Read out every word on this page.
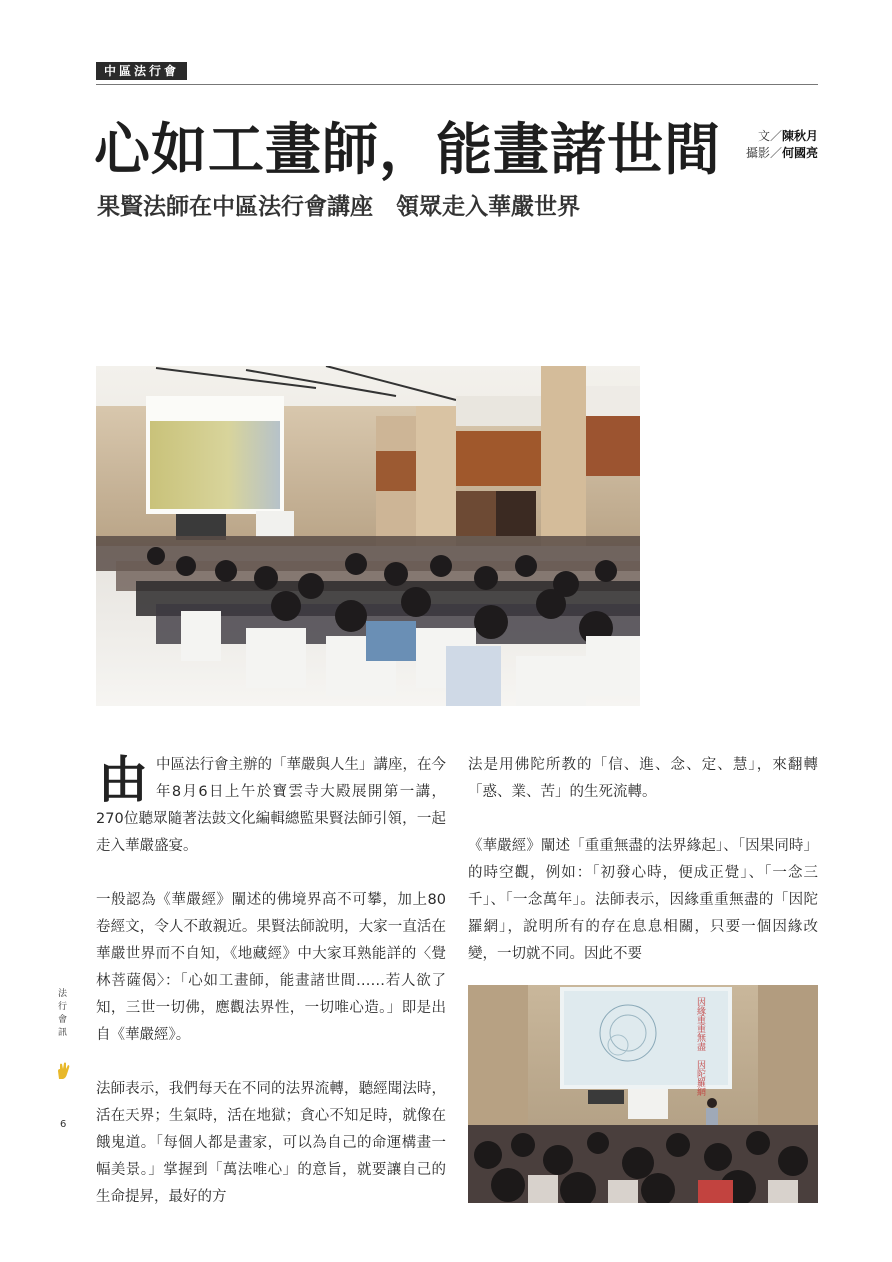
中區法行會
心如工畫師，能畫諸世間
果賢法師在中區法行會講座　領眾走入華嚴世界
文／陳秋月
攝影／何國亮

由中區法行會主辦的「華嚴與人生」講座，在今年8月6日上午於寶雲寺大殿展開第一講，270位聽眾隨著法鼓文化編輯總監果賢法師引領，一起走入華嚴盛宴。

一般認為《華嚴經》闡述的佛境界高不可攀，加上80卷經文，令人不敢親近。果賢法師說明，大家一直活在華嚴世界而不自知，《地藏經》中大家耳熟能詳的〈覺林菩薩偈〉：「心如工畫師，能畫諸世間……若人欲了知，三世一切佛，應觀法界性，一切唯心造。」即是出自《華嚴經》。

法師表示，我們每天在不同的法界流轉，聽經聞法時，活在天界；生氣時，活在地獄；貪心不知足時，就像在餓鬼道。「每個人都是畫家，可以為自己的命運構畫一幅美景。」掌握到「萬法唯心」的意旨，就要讓自己的生命提昇，最好的方

法是用佛陀所教的「信、進、念、定、慧」，來翻轉「惑、業、苦」的生死流轉。

《華嚴經》闡述「重重無盡的法界緣起」、「因果同時」的時空觀，例如：「初發心時，便成正覺」、「一念三千」、「一念萬年」。法師表示，因緣重重無盡的「因陀羅網」，說明所有的存在息息相關，只要一個因緣改變，一切就不同。因此不要

因緣重重無盡　因陀羅網
法
行
會
訊
6
